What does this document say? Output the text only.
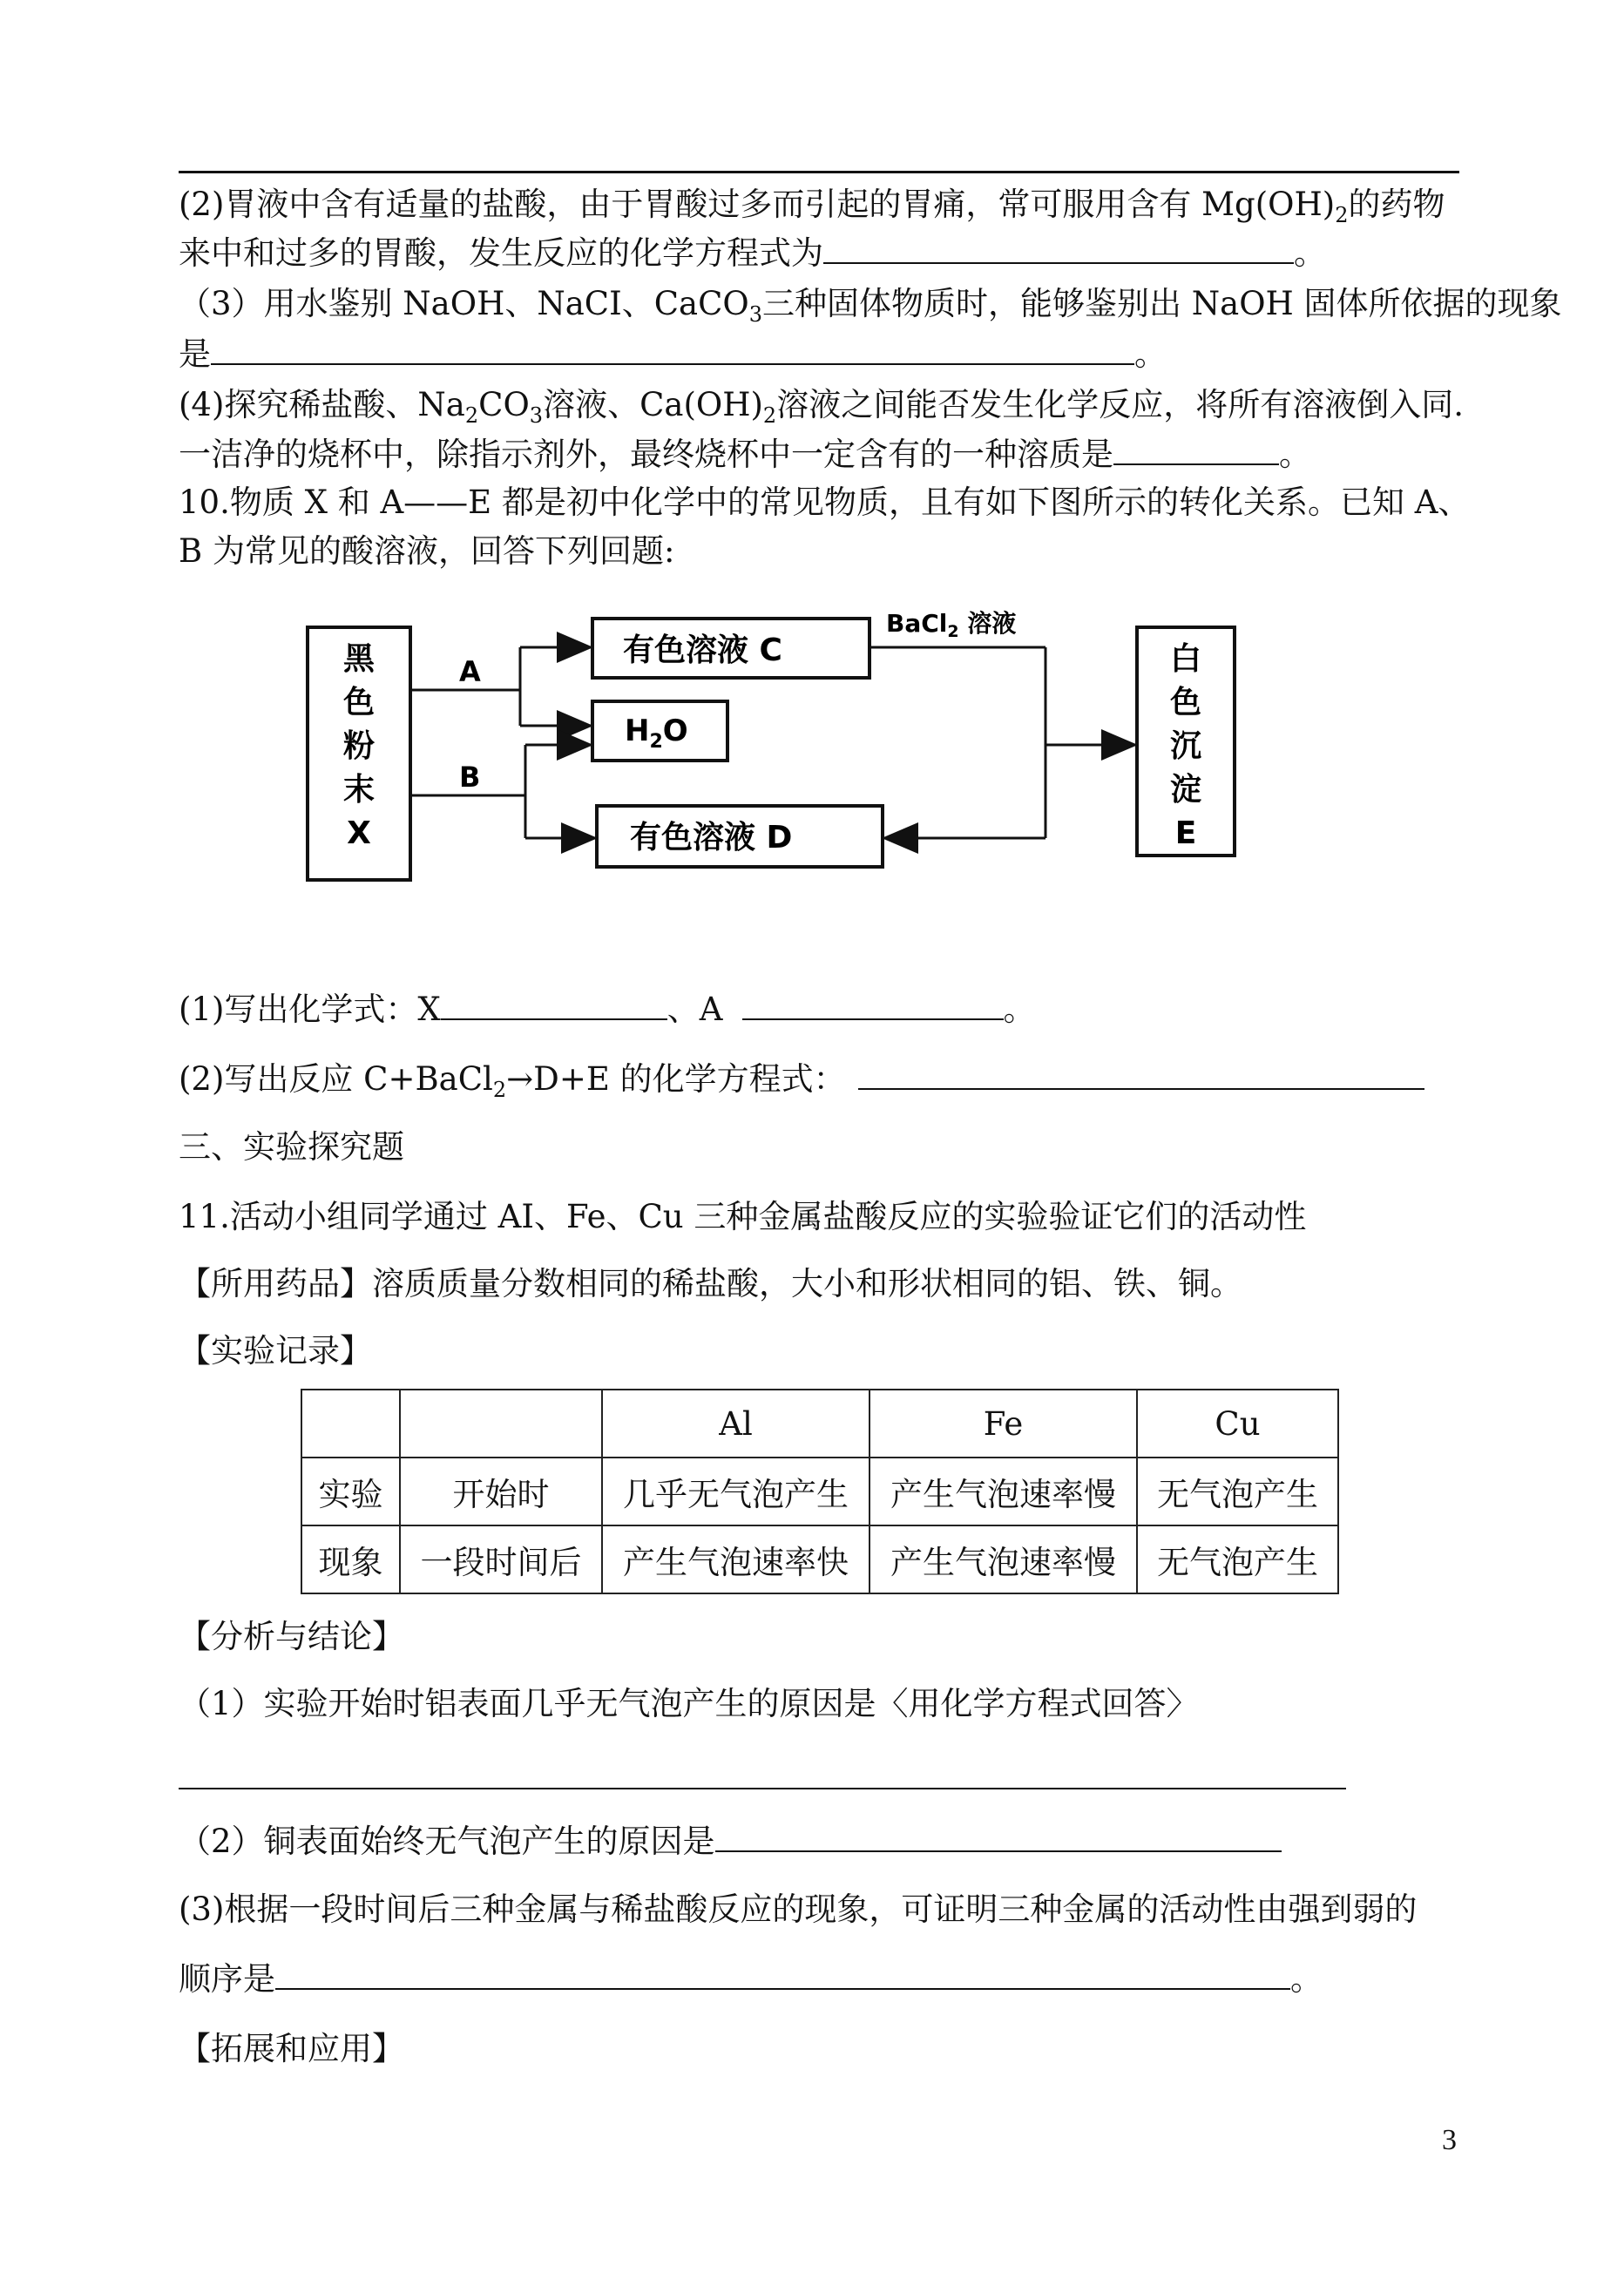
(2)胃液中含有适量的盐酸，由于胃酸过多而引起的胃痛，常可服用含有 $Mg(OH)_2$的药物
来中和过多的胃酸，发生反应的化学方程式为	。
（3）用水鉴别 NaOH、NaCI、CaCO$_3$三种固体物质时，能够鉴别出 NaOH 固体所依据的现象
是	。
(4)探究稀盐酸、$Na_2CO_3$溶液、$Ca(OH)_2$溶液之间能否发生化学反应，将所有溶液倒入同.
一洁净的烧杯中，除指示剂外，最终烧杯中一定含有的一种溶质是	。
10.物质 X 和 A——E 都是初中化学中的常见物质，且有如下图所示的转化关系。已知 A、
B 为常见的酸溶液，回答下列回题:
A
B
有色溶液 C
$H_2O$
有色溶液 D
BaCl$_2$ 溶液
黑
色
粉
末
X
白
色
沉
淀
E
(1)写出化学式：X	、A	。
(2)写出反应 C+BaCl$_2$→D+E 的化学方程式：
三、实验探究题
11.活动小组同学通过 AI、Fe、Cu 三种金属盐酸反应的实验验证它们的活动性
【所用药品】溶质质量分数相同的稀盐酸，大小和形状相同的铝、铁、铜。
【实验记录】
		Al	Fe	Cu
实验	开始时	几乎无气泡产生	产生气泡速率慢	无气泡产生
现象	一段时间后	产生气泡速率快	产生气泡速率慢	无气泡产生
【分析与结论】
（1）实验开始时铝表面几乎无气泡产生的原因是〈用化学方程式回答〉
（2）铜表面始终无气泡产生的原因是
(3)根据一段时间后三种金属与稀盐酸反应的现象，可证明三种金属的活动性由强到弱的
顺序是	。
【拓展和应用】
3
